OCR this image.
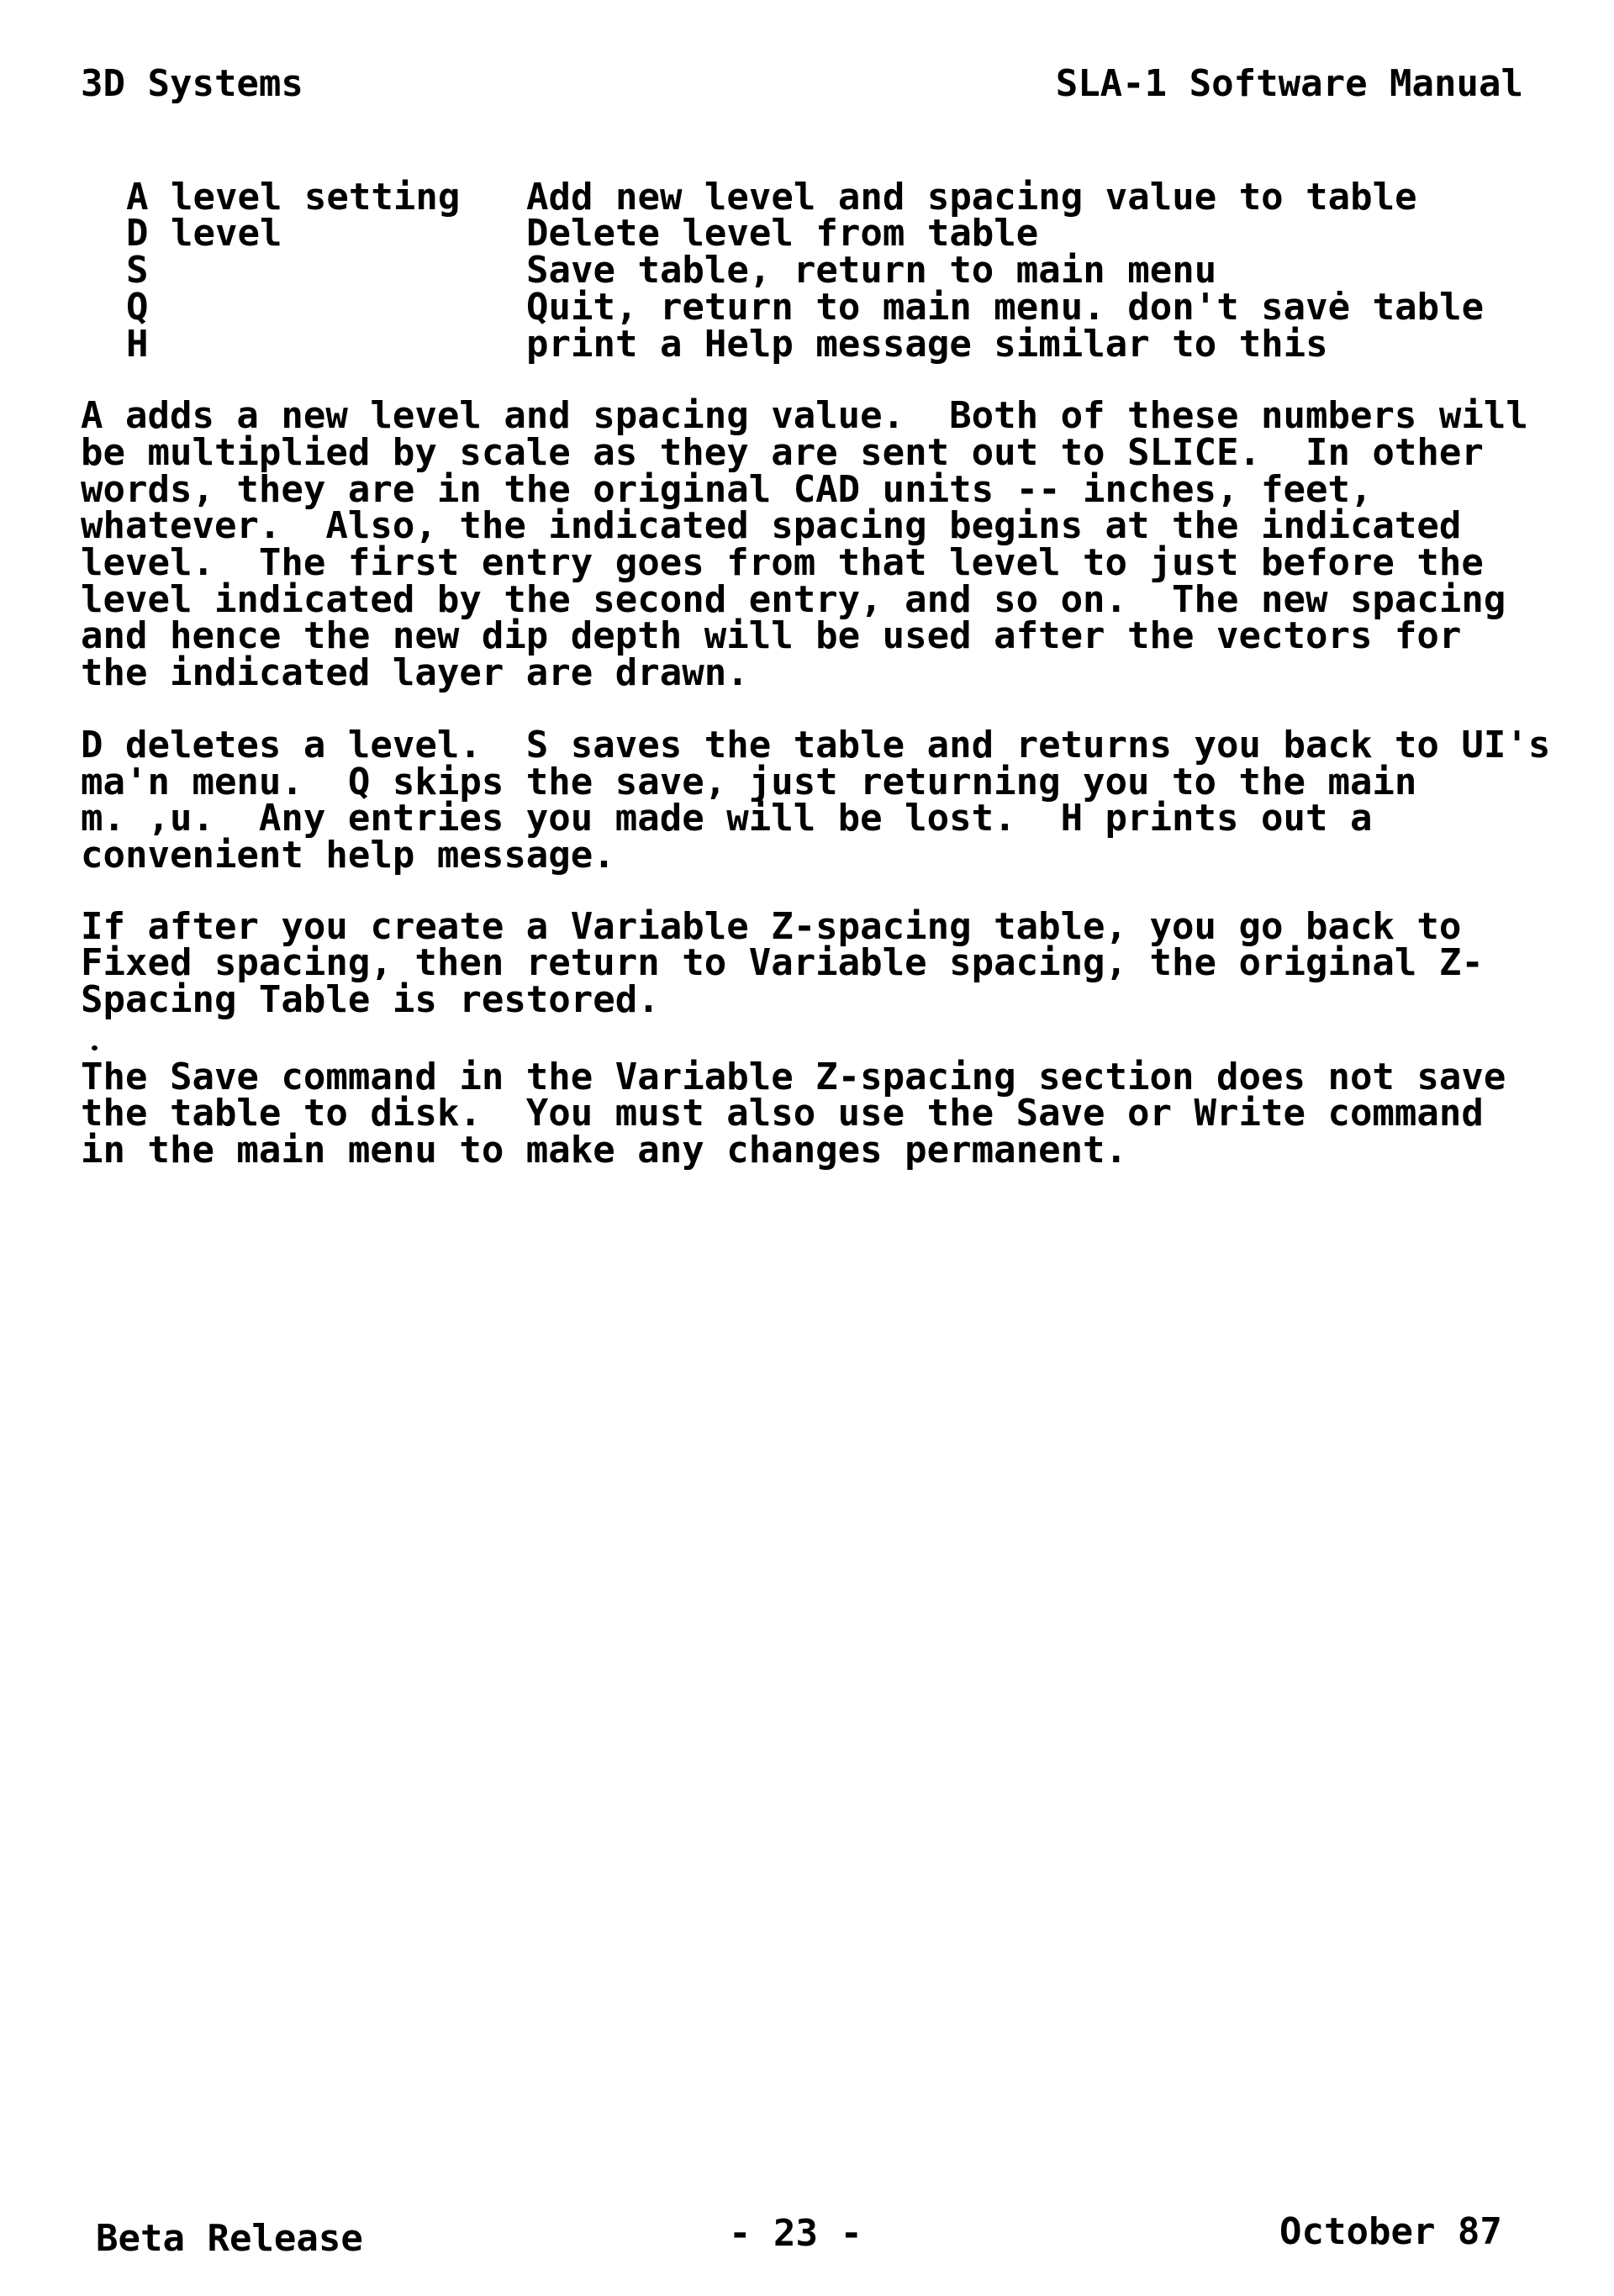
3D Systems	SLA-1 Software Manual
A level setting	Add new level and spacing value to table
D level	Delete level from table
S	Save table, return to main menu
Q	Quit, return to main menu. don't savė table
H	print a Help message similar to this
A adds a new level and spacing value.  Both of these numbers will
be multiplied by scale as they are sent out to SLICE.  In other
words, they are in the original CAD units -- inches, feet,
whatever.  Also, the indicated spacing begins at the indicated
level.  The first entry goes from that level to just before the
level indicated by the second entry, and so on.  The new spacing
and hence the new dip depth will be used after the vectors for
the indicated layer are drawn.
D deletes a level.  S saves the table and returns you back to UI's
ma'n menu.  Q skips the save, just returning you to the main
m. ,u.  Any entries you made will be lost.  H prints out a
convenient help message.
If after you create a Variable Z-spacing table, you go back to
Fixed spacing, then return to Variable spacing, the original Z-
Spacing Table is restored.
The Save command in the Variable Z-spacing section does not save
the table to disk.  You must also use the Save or Write command
in the main menu to make any changes permanent.
Beta Release	- 23 -	October 87
